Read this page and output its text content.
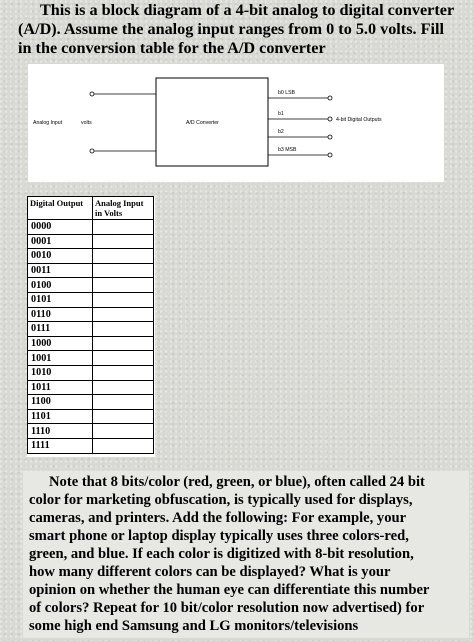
This is a block diagram of a 4-bit analog to digital converter
(A/D). Assume the analog input ranges from 0 to 5.0 volts. Fill
in the conversion table for the A/D converter

Analog Input	volts	A/D Converter
b0 LSB
b1
b2
b3 MSB
4-bit Digital Outputs
Digital Output	Analog Input in Volts
0000	
0001	
0010	
0011	
0100	
0101	
0110	
0111	
1000	
1001	
1010	
1011	
1100	
1101	
1110	
1111	

Note that 8 bits/color (red, green, or blue), often called 24 bit
color for marketing obfuscation, is typically used for displays,
cameras, and printers. Add the following: For example, your
smart phone or laptop display typically uses three colors-red,
green, and blue. If each color is digitized with 8-bit resolution,
how many different colors can be displayed? What is your
opinion on whether the human eye can differentiate this number
of colors? Repeat for 10 bit/color resolution now advertised) for
some high end Samsung and LG monitors/televisions
